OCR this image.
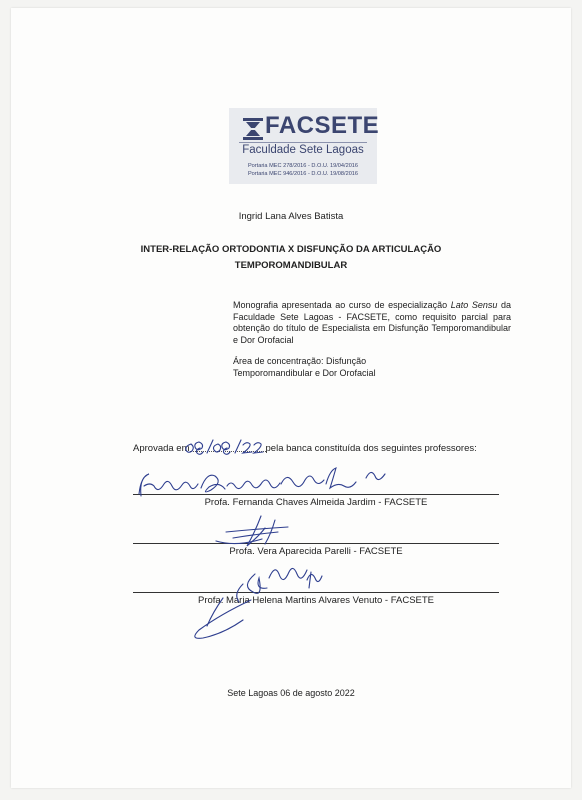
FACSETE
Faculdade Sete Lagoas
Portaria MEC 278/2016 - D.O.U. 19/04/2016
Portaria MEC 946/2016 - D.O.U. 19/08/2016
Ingrid Lana Alves Batista
INTER-RELAÇÃO ORTODONTIA X DISFUNÇÃO DA ARTICULAÇÃO
TEMPOROMANDIBULAR
Monografia apresentada ao curso de especialização Lato Sensu da Faculdade Sete Lagoas - FACSETE, como requisito parcial para obtenção do título de Especialista em Disfunção Temporomandibular e Dor Orofacial
Área de concentração: Disfunção
Temporomandibular e Dor Orofacial
Aprovada em	pela banca constituída dos seguintes professores:
Profa. Fernanda Chaves Almeida Jardim - FACSETE
Profa. Vera Aparecida Parelli - FACSETE
Profa. Maria Helena Martins Alvares Venuto - FACSETE
Sete Lagoas 06 de agosto 2022
